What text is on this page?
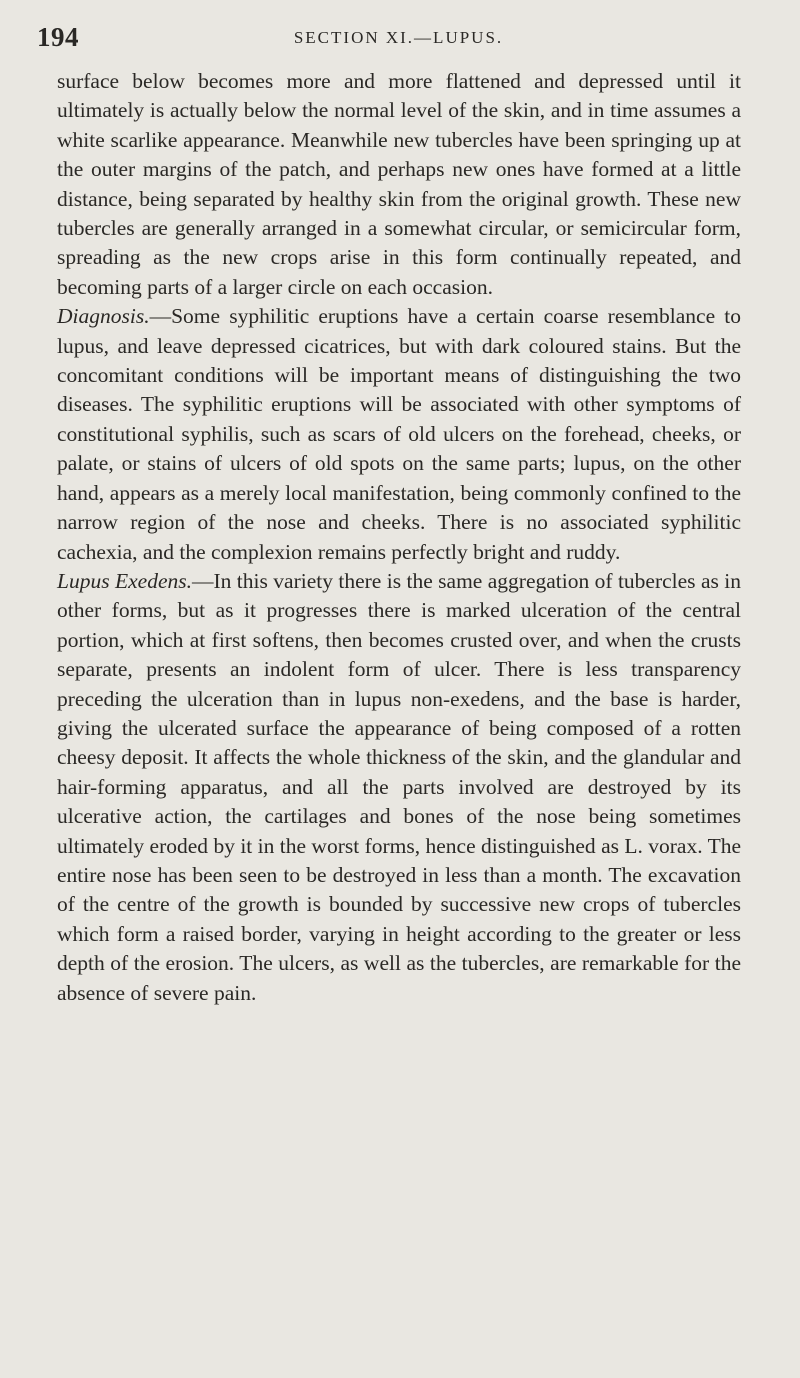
194	SECTION XI.—LUPUS.

surface below becomes more and more flattened and depressed until it ultimately is actually below the normal level of the skin, and in time assumes a white scarlike appearance. Meanwhile new tubercles have been springing up at the outer margins of the patch, and perhaps new ones have formed at a little distance, being separated by healthy skin from the original growth. These new tubercles are generally arranged in a somewhat circular, or semicircular form, spreading as the new crops arise in this form continually repeated, and becoming parts of a larger circle on each occasion.

Diagnosis.—Some syphilitic eruptions have a certain coarse resemblance to lupus, and leave depressed cicatrices, but with dark coloured stains. But the concomitant conditions will be important means of distinguishing the two diseases. The syphilitic eruptions will be associated with other symptoms of constitutional syphilis, such as scars of old ulcers on the forehead, cheeks, or palate, or stains of ulcers of old spots on the same parts; lupus, on the other hand, appears as a merely local manifestation, being commonly confined to the narrow region of the nose and cheeks. There is no associated syphilitic cachexia, and the complexion remains perfectly bright and ruddy.

Lupus Exedens.—In this variety there is the same aggregation of tubercles as in other forms, but as it progresses there is marked ulceration of the central portion, which at first softens, then becomes crusted over, and when the crusts separate, presents an indolent form of ulcer. There is less transparency preceding the ulceration than in lupus non-exedens, and the base is harder, giving the ulcerated surface the appearance of being composed of a rotten cheesy deposit. It affects the whole thickness of the skin, and the glandular and hair-forming apparatus, and all the parts involved are destroyed by its ulcerative action, the cartilages and bones of the nose being sometimes ultimately eroded by it in the worst forms, hence distinguished as L. vorax. The entire nose has been seen to be destroyed in less than a month. The excavation of the centre of the growth is bounded by successive new crops of tubercles which form a raised border, varying in height according to the greater or less depth of the erosion. The ulcers, as well as the tubercles, are remarkable for the absence of severe pain.
